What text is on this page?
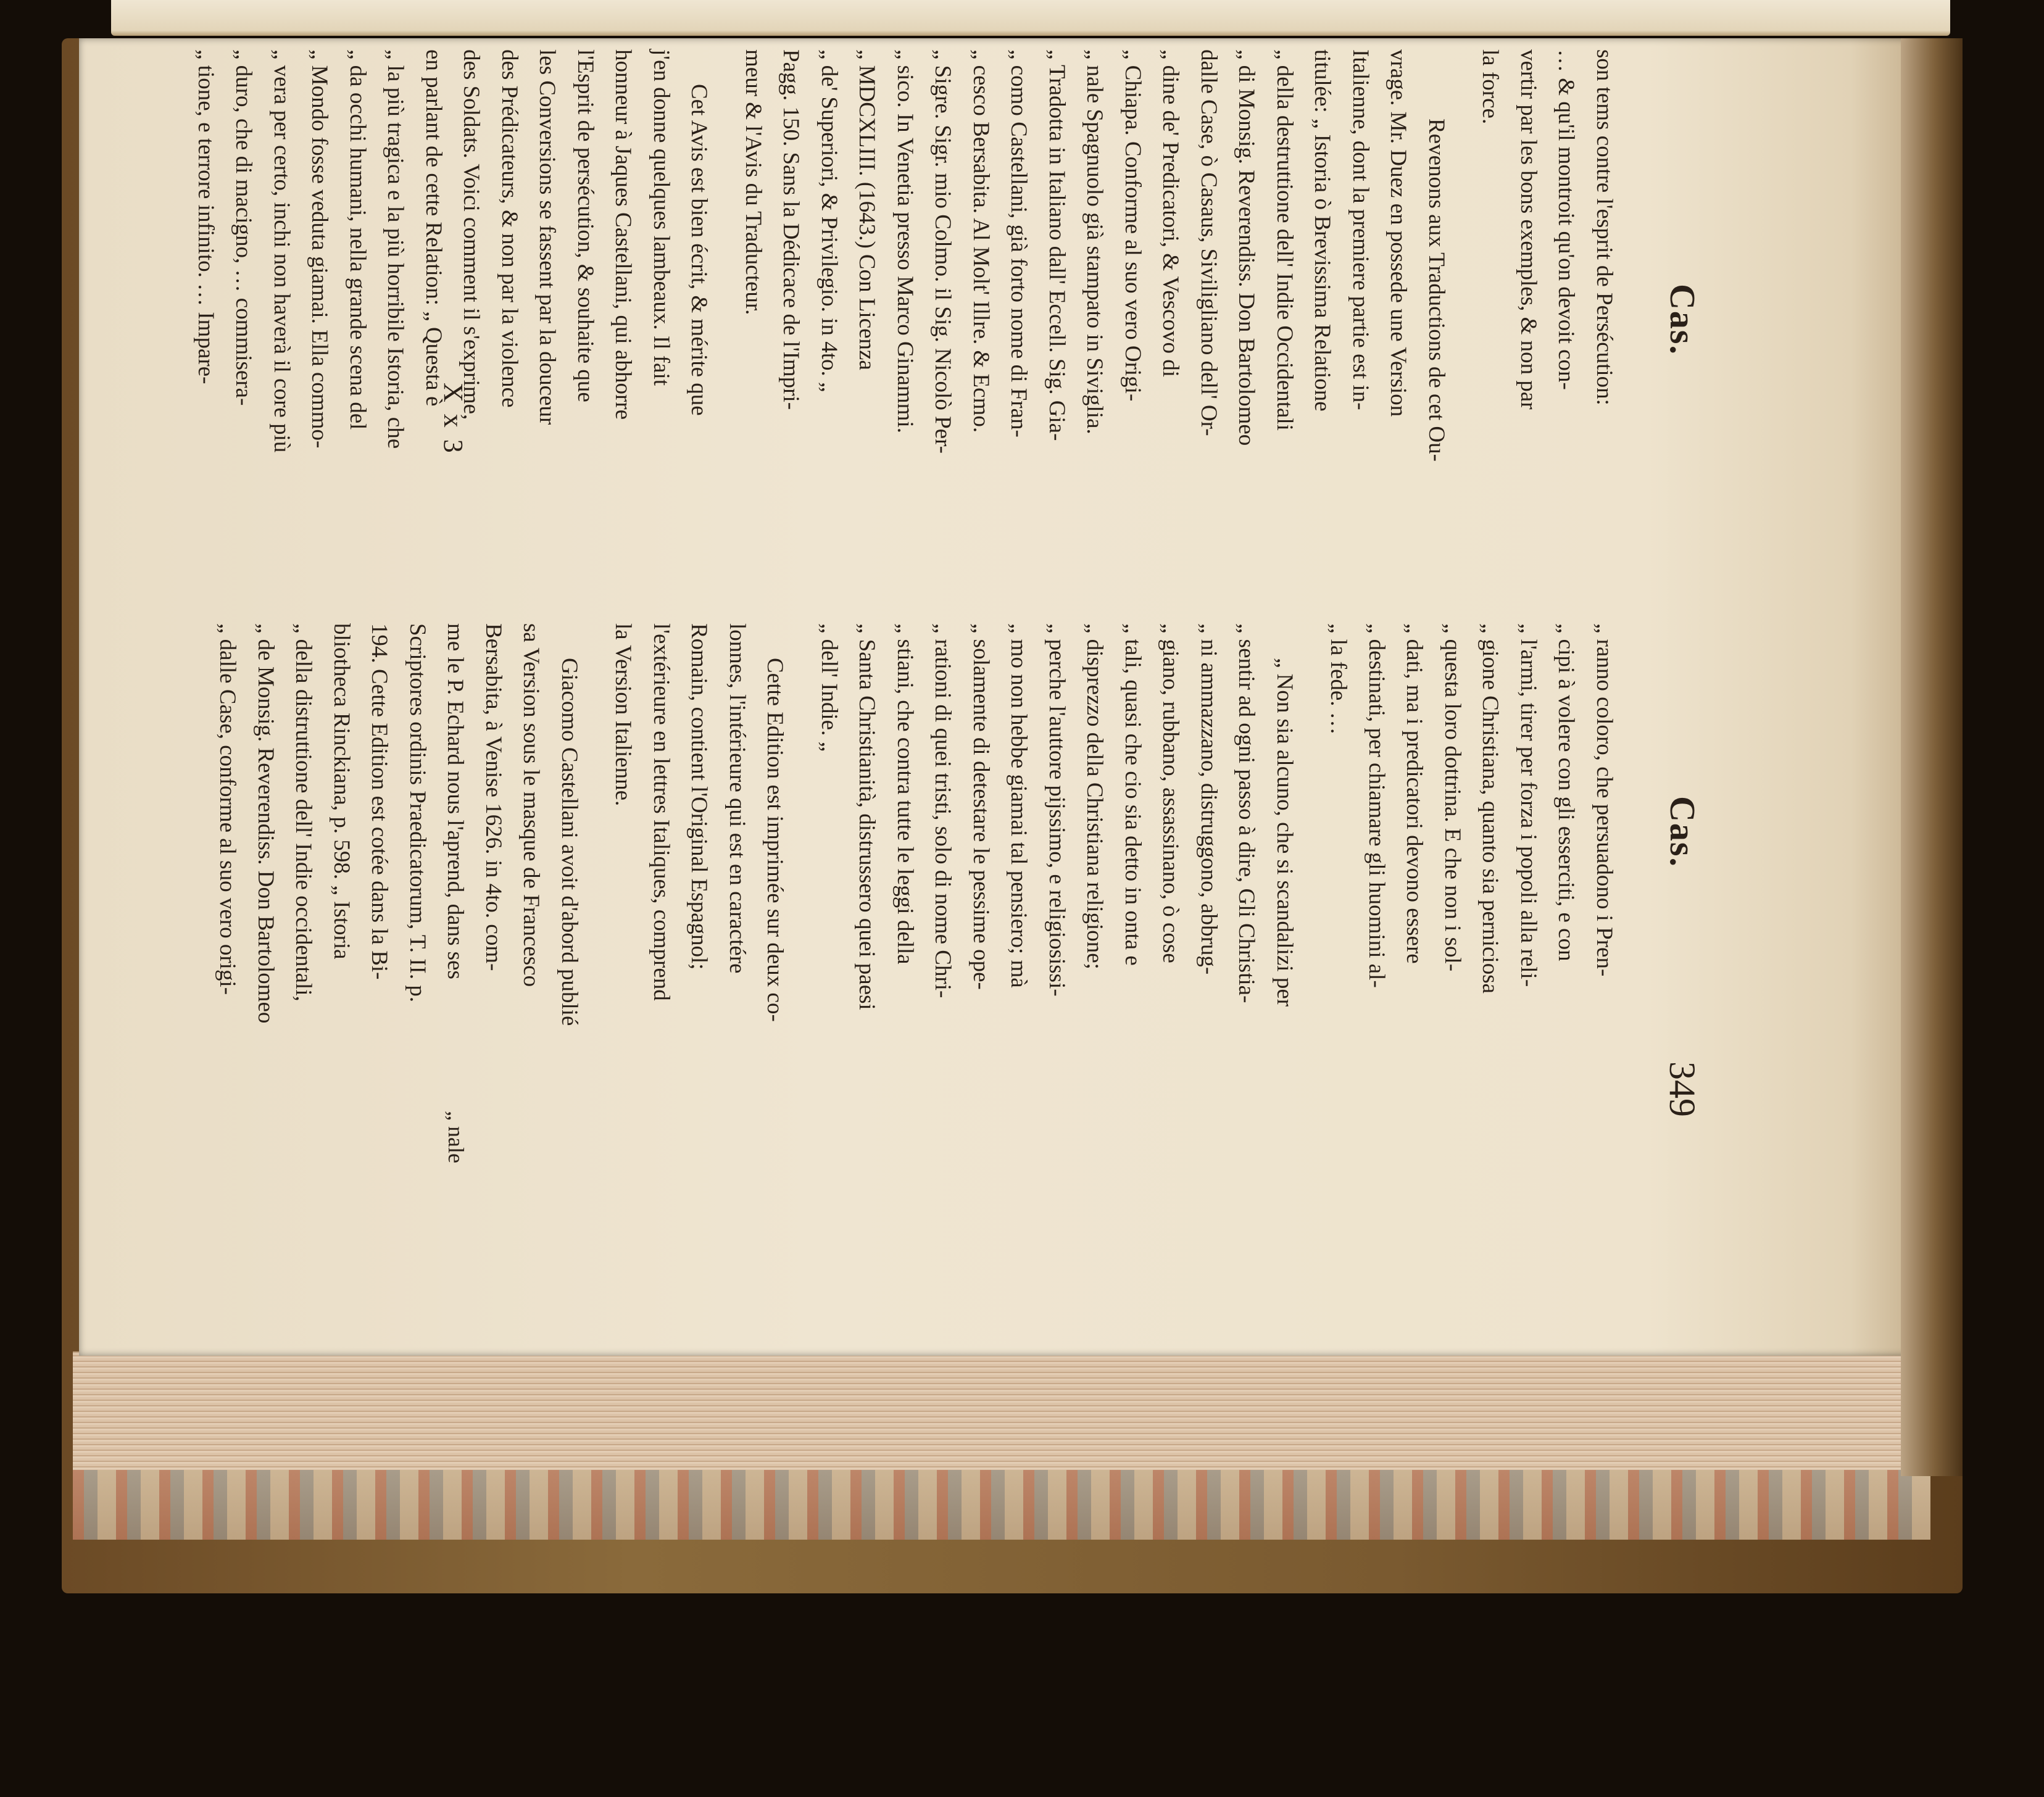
Cas.
Cas.
349
son tems contre l'esprit de Persécution:
… & qu'il montroit qu'on devoit con-
vertir par les bons exemples, & non par
la force.
Revenons aux Traductions de cet Ou-
vrage. Mr. Duez en possede une Version
Italienne, dont la premiere partie est in-
titulée: „ Istoria ò Brevissima Relatione
„ della destruttione dell' Indie Occidentali
„ di Monsig. Reverendiss. Don Bartolomeo
dalle Case, ò Casaus, Siviligliano dell' Or-
„ dine de' Predicatori, & Vescovo di
„ Chiapa. Conforme al suo vero Origi-
„ nale Spagnuolo già stampato in Siviglia.
„ Tradotta in Italiano dall' Eccell. Sig. Gia-
„ como Castellani, già forto nome di Fran-
„ cesco Bersabita. Al Molt' Illre. & Ecmo.
„ Sigre. Sigr. mio Colmo. il Sig. Nicolò Per-
„ sico. In Venetia presso Marco Ginammi.
„ MDCXLIII. (1643.) Con Licenza
„ de' Superiori, & Privilegio. in 4to. „
Pagg. 150. Sans la Dédicace de l'Impri-
meur & l'Avis du Traducteur.
Cet Avis est bien écrit, & mérite que
j'en donne quelques lambeaux. Il fait
honneur à Jaques Castellani, qui abhorre
l'Esprit de persécution, & souhaite que
les Conversions se fassent par la douceur
des Prédicateurs, & non par la violence
des Soldats. Voici comment il s'exprime,
en parlant de cette Relation: „ Questa è
„ la più tragica e la più horribile Istoria, che
„ da occhi humani, nella grande scena del
„ Mondo fosse veduta giamai. Ella commo-
„ vera per certo, inchi non haverà il core più
„ duro, che di macigno, … commisera-
„ tione, e terrore infinito. … Impare-
„ ranno coloro, che persuadono i Pren-
„ cipi à volere con gli esserciti, e con
„ l'armi, tirer per forza i popoli alla reli-
„ gione Christiana, quanto sia perniciosa
„ questa loro dottrina. E che non i sol-
„ dati, ma i predicatori devono essere
„ destinati, per chiamare gli huomini al-
„ la fede. …
„ Non sia alcuno, che si scandalizi per
„ sentir ad ogni passo à dire, Gli Christia-
„ ni ammazzano, distruggono, abbrug-
„ giano, rubbano, assassinano, ò cose
„ tali, quasi che cio sia detto in onta e
„ disprezzo della Christiana religione;
„ perche l'auttore pijssimo, e religiosissi-
„ mo non hebbe giamai tal pensiero; mà
„ solamente di detestare le pessime ope-
„ rationi di quei tristi, solo di nome Chri-
„ stiani, che contra tutte le leggi della
„ Santa Christianità, distrussero quei paesi
„ dell' Indie. „
Cette Edition est imprimée sur deux co-
lonnes, l'intérieure qui est en caractére
Romain, contient l'Original Espagnol;
l'extérieure en lettres Italiques, comprend
la Version Italienne.
Giacomo Castellani avoit d'abord publié
sa Version sous le masque de Francesco
Bersabita, à Venise 1626. in 4to. com-
me le P. Echard nous l'aprend, dans ses
Scriptores ordinis Praedicatorum, T. II. p.
194. Cette Edition est cotée dans la Bi-
bliotheca Rinckiana, p. 598. „ Istoria
„ della distruttione dell' Indie occidentali,
„ de Monsig. Reverendiss. Don Bartolomeo
„ dalle Case, conforme al suo vero origi-
X x 3
„ nale
